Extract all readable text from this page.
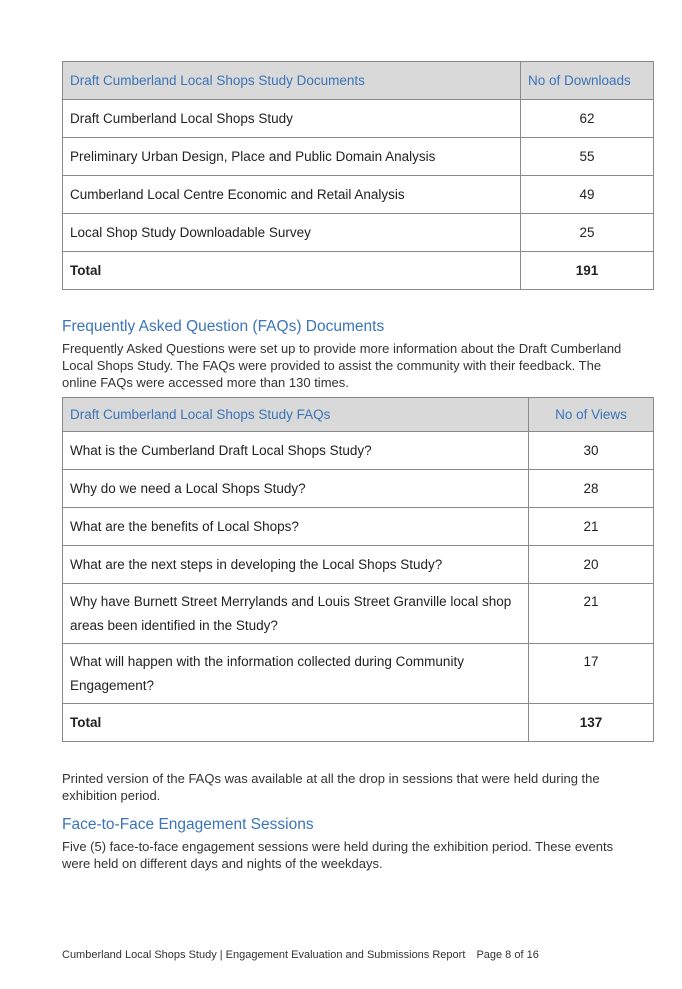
Draft Cumberland Local Shops Study Documents	No of Downloads
Draft Cumberland Local Shops Study	62
Preliminary Urban Design, Place and Public Domain Analysis	55
Cumberland Local Centre Economic and Retail Analysis	49
Local Shop Study Downloadable Survey	25
Total	191
Frequently Asked Question (FAQs) Documents

Frequently Asked Questions were set up to provide more information about the Draft Cumberland Local Shops Study. The FAQs were provided to assist the community with their feedback. The online FAQs were accessed more than 130 times.

Draft Cumberland Local Shops Study FAQs	No of Views
What is the Cumberland Draft Local Shops Study?	30
Why do we need a Local Shops Study?	28
What are the benefits of Local Shops?	21
What are the next steps in developing the Local Shops Study?	20
Why have Burnett Street Merrylands and Louis Street Granville local shop areas been identified in the Study?	21
What will happen with the information collected during Community Engagement?	17
Total	137

Printed version of the FAQs was available at all the drop in sessions that were held during the exhibition period.

Face-to-Face Engagement Sessions

Five (5) face-to-face engagement sessions were held during the exhibition period. These events were held on different days and nights of the weekdays.

Cumberland Local Shops Study | Engagement Evaluation and Submissions Report Page 8 of 16
